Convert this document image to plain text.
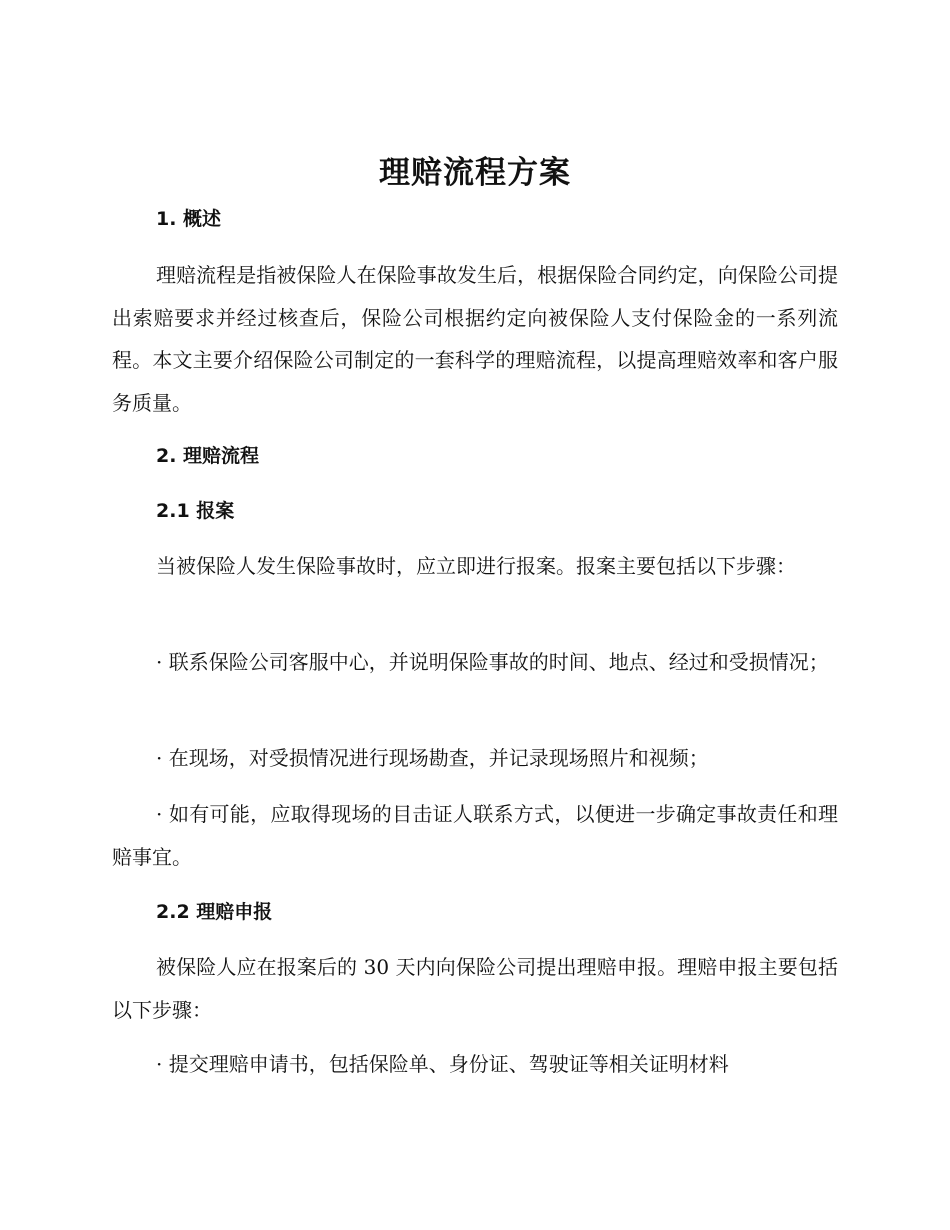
理赔流程方案
1. 概述

理赔流程是指被保险人在保险事故发生后，根据保险合同约定，向保险公司提出索赔要求并经过核查后，保险公司根据约定向被保险人支付保险金的一系列流程。本文主要介绍保险公司制定的一套科学的理赔流程，以提高理赔效率和客户服务质量。

2. 理赔流程
2.1 报案

当被保险人发生保险事故时，应立即进行报案。报案主要包括以下步骤：

· 联系保险公司客服中心，并说明保险事故的时间、地点、经过和受损情况；

· 在现场，对受损情况进行现场勘查，并记录现场照片和视频；

· 如有可能，应取得现场的目击证人联系方式，以便进一步确定事故责任和理赔事宜。

2.2 理赔申报

被保险人应在报案后的 30 天内向保险公司提出理赔申报。理赔申报主要包括以下步骤：

· 提交理赔申请书，包括保险单、身份证、驾驶证等相关证明材料
